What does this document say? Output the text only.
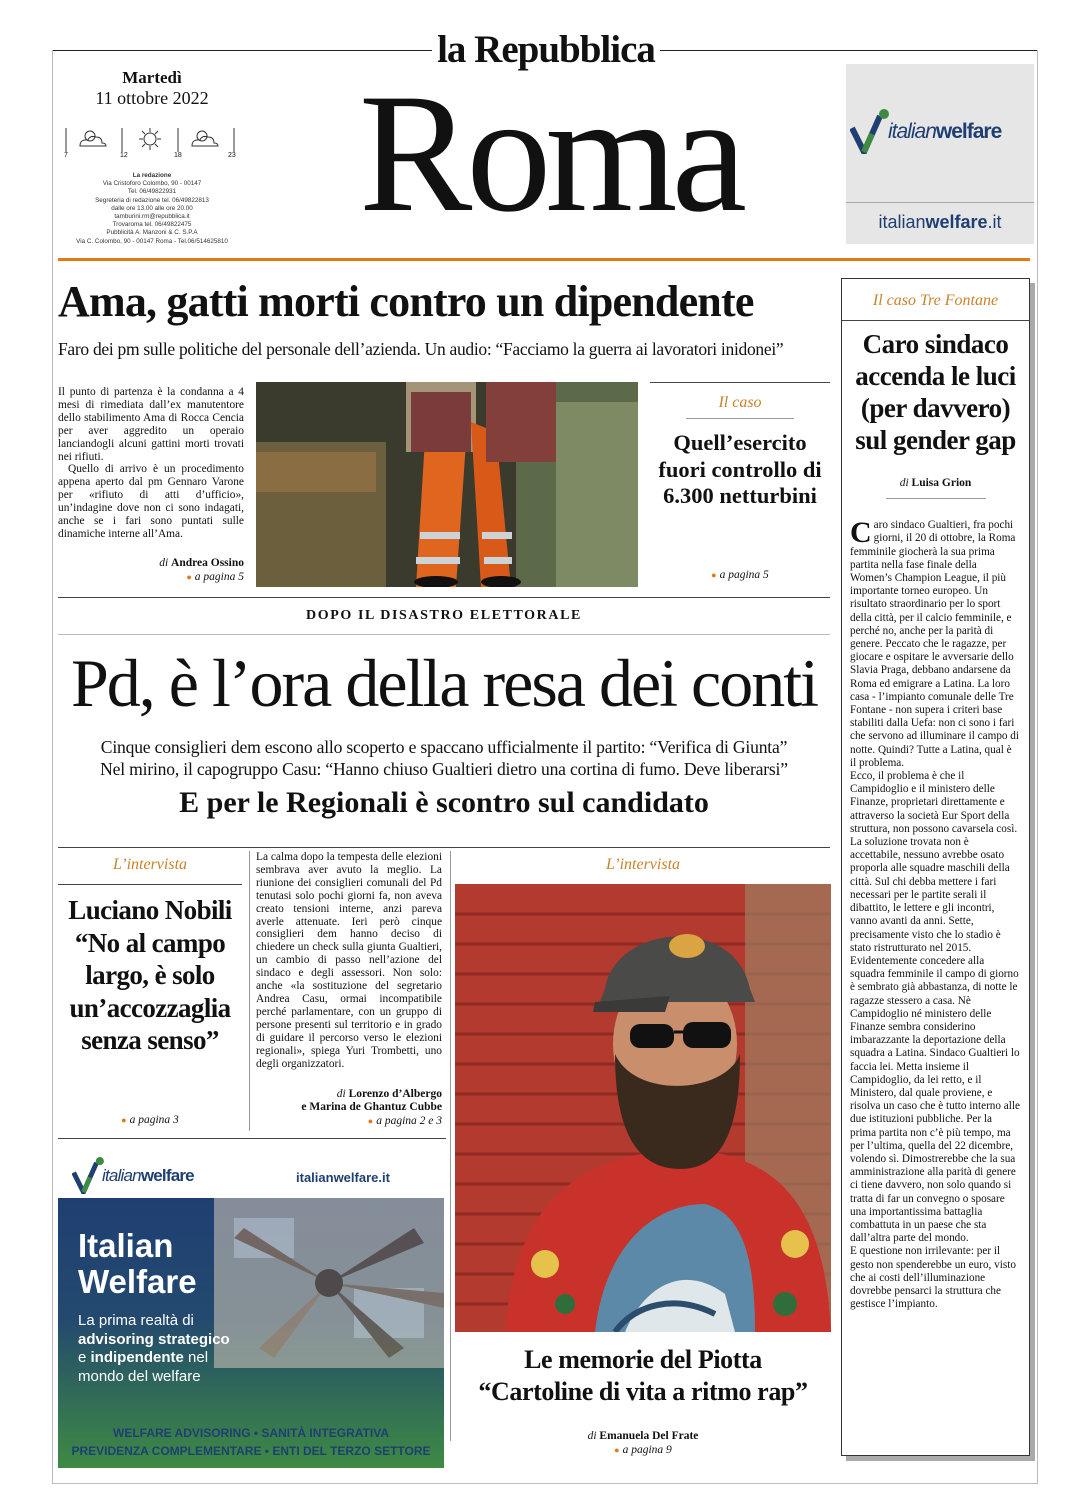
la Repubblica
Martedì
11 ottobre 2022
7	12	18	23
La redazione
Via Cristoforo Colombo, 90 - 00147
Tel. 06/49822931
Segreteria di redazione tel. 06/49822813
dalle ore 13.00 alle ore 20.00
tamburini.rm@repubblica.it
Trovaroma tel. 06/49822475
Pubblicità A. Manzoni & C. S.P.A
Via C. Colombo, 90 - 00147 Roma - Tel.06/514625810 Roma	italianwelfare
italianwelfare.it
Ama, gatti morti contro un dipendente
Faro dei pm sulle politiche del personale dell’azienda. Un audio: “Facciamo la guerra ai lavoratori inidonei”

Il punto di partenza è la condanna a 4 mesi di rimediata dall’ex manutentore dello stabilimento Ama di Rocca Cencia per aver aggredito un operaio lanciandogli alcuni gattini morti trovati nei rifiuti.

Quello di arrivo è un procedimento appena aperto dal pm Gennaro Varone per «rifiuto di atti d’ufficio», un’indagine dove non ci sono indagati, anche se i fari sono puntati sulle dinamiche interne all’Ama.

di Andrea Ossino
● a pagina 5
Il caso
Quell’esercito fuori controllo di 6.300 netturbini
● a pagina 5
Il caso Tre Fontane
Caro sindaco accenda le luci (per davvero) sul gender gap
di Luisa Grion

Caro sindaco Gualtieri, fra pochi giorni, il 20 di ottobre, la Roma femminile giocherà la sua prima partita nella fase finale della Women’s Champion League, il più importante torneo europeo. Un risultato straordinario per lo sport della città, per il calcio femminile, e perché no, anche per la parità di genere. Peccato che le ragazze, per giocare e ospitare le avversarie dello Slavia Praga, debbano andarsene da Roma ed emigrare a Latina. La loro casa - l’impianto comunale delle Tre Fontane - non supera i criteri base stabiliti dalla Uefa: non ci sono i fari che servono ad illuminare il campo di notte. Quindi? Tutte a Latina, qual è il problema.
Ecco, il problema è che il Campidoglio e il ministero delle Finanze, proprietari direttamente e attraverso la società Eur Sport della struttura, non possono cavarsela così. La soluzione trovata non è accettabile, nessuno avrebbe osato proporla alle squadre maschili della città. Sul chi debba mettere i fari necessari per le partite serali il dibattito, le lettere e gli incontri, vanno avanti da anni. Sette, precisamente visto che lo stadio è stato ristrutturato nel 2015. Evidentemente concedere alla squadra femminile il campo di giorno è sembrato già abbastanza, di notte le ragazze stessero a casa. Nè Campidoglio né ministero delle Finanze sembra considerino imbarazzante la deportazione della squadra a Latina. Sindaco Gualtieri lo faccia lei. Metta insieme il Campidoglio, da lei retto, e il Ministero, dal quale proviene, e risolva un caso che è tutto interno alle due istituzioni pubbliche. Per la prima partita non c’è più tempo, ma per l’ultima, quella del 22 dicembre, volendo sì. Dimostrerebbe che la sua amministrazione alla parità di genere ci tiene davvero, non solo quando si tratta di far un convegno o sposare una importantissima battaglia combattuta in un paese che sta dall’altra parte del mondo.
E questione non irrilevante: per il gesto non spenderebbe un euro, visto che ai costi dell’illuminazione dovrebbe pensarci la struttura che gestisce l’impianto.

DOPO IL DISASTRO ELETTORALE
Pd, è l’ora della resa dei conti
Cinque consiglieri dem escono allo scoperto e spaccano ufficialmente il partito: “Verifica di Giunta”
Nel mirino, il capogruppo Casu: “Hanno chiuso Gualtieri dietro una cortina di fumo. Deve liberarsi”
E per le Regionali è scontro sul candidato
L’intervista
Luciano Nobili “No al campo largo, è solo un’accozzaglia senza senso”
● a pagina 3
La calma dopo la tempesta delle elezioni sembrava aver avuto la meglio. La riunione dei consiglieri comunali del Pd tenutasi solo pochi giorni fa, non aveva creato tensioni interne, anzi pareva averle attenuate. Ieri però cinque consiglieri dem hanno deciso di chiedere un check sulla giunta Gualtieri, un cambio di passo nell’azione del sindaco e degli assessori. Non solo: anche «la sostituzione del segretario Andrea Casu, ormai incompatibile perché parlamentare, con un gruppo di persone presenti sul territorio e in grado di guidare il percorso verso le elezioni regionali», spiega Yuri Trombetti, uno degli organizzatori.
di Lorenzo d’Albergo
e Marina de Ghantuz Cubbe
● a pagina 2 e 3
L’intervista
Le memorie del Piotta
“Cartoline di vita a ritmo rap”
di Emanuela Del Frate
● a pagina 9
italianwelfare	italianwelfare.it
Italian
Welfare
La prima realtà di
advisoring strategico
e indipendente nel
mondo del welfare
WELFARE ADVISORING • SANITÀ INTEGRATIVA
PREVIDENZA COMPLEMENTARE • ENTI DEL TERZO SETTORE
